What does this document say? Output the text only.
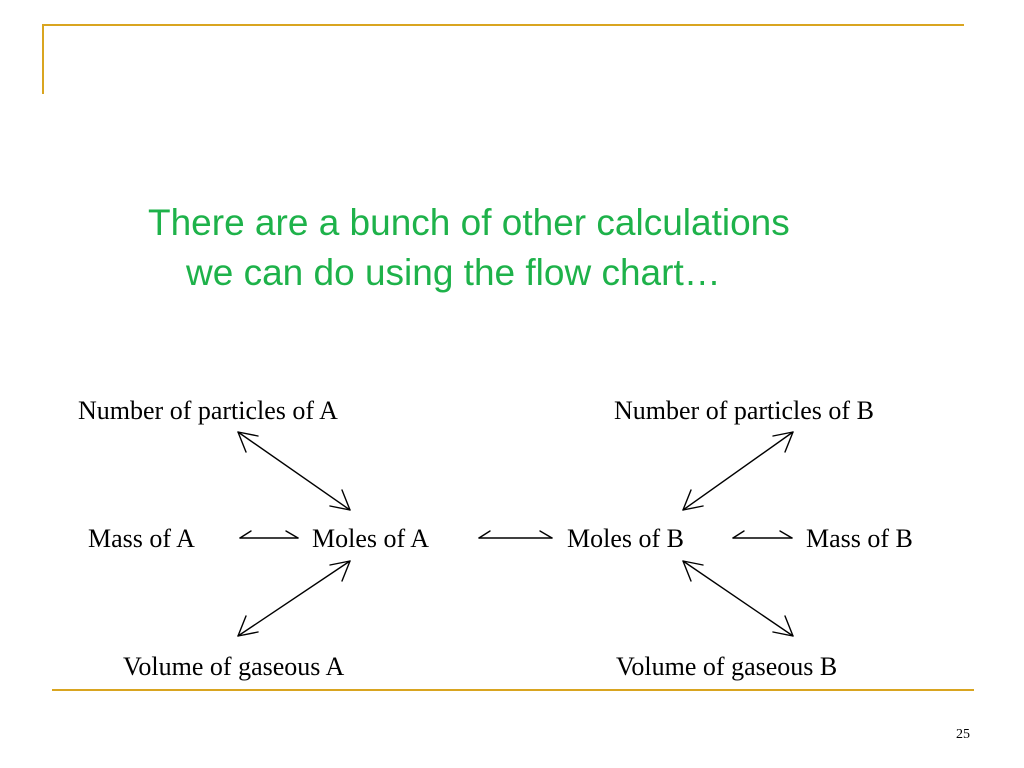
There are a bunch of other calculations
we can do using the flow chart…
Number of particles of A	Number of particles of B
Mass of A	Moles of A	Moles of B	Mass of B
Volume of gaseous A	Volume of gaseous B
25
